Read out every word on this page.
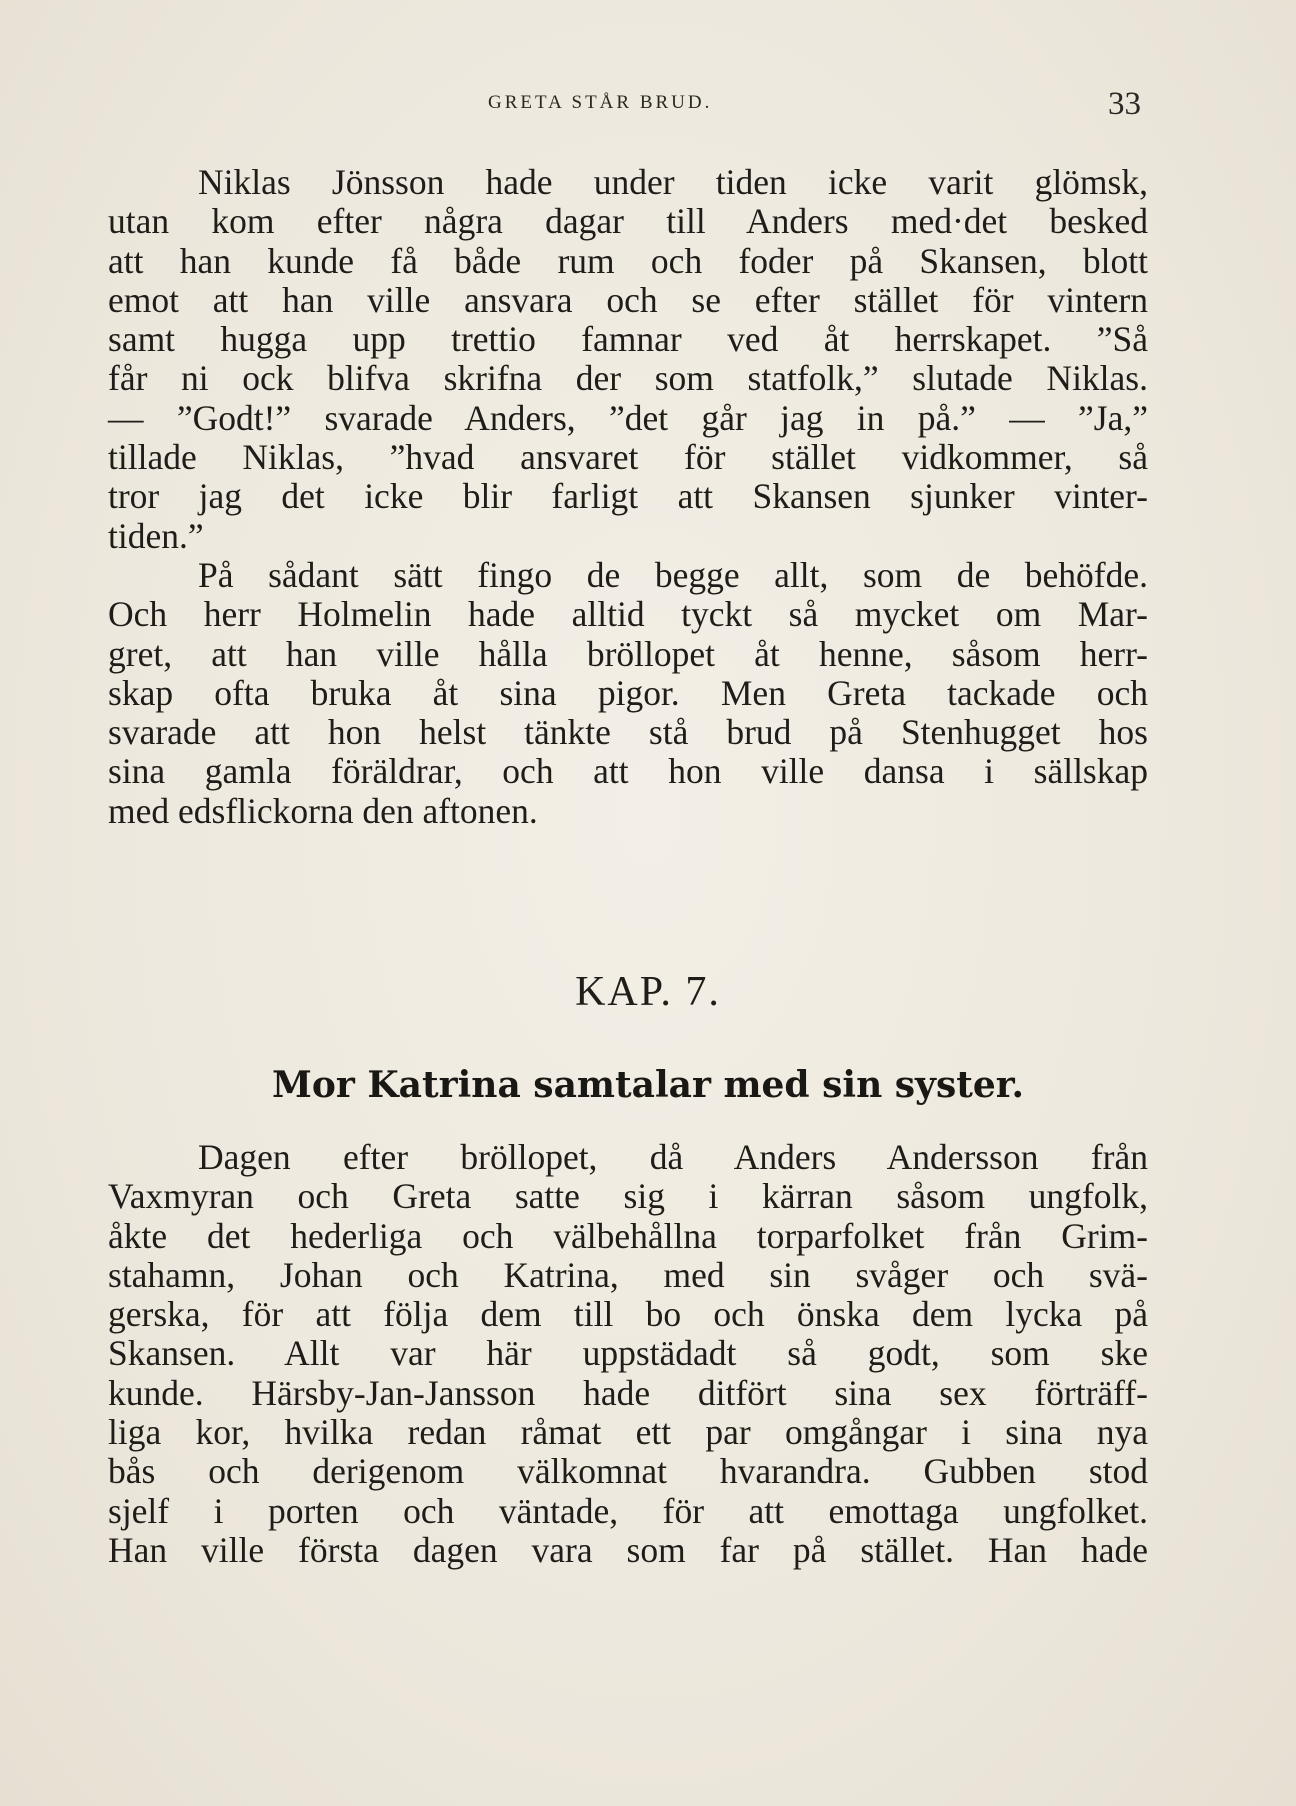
GRETA STÅR BRUD.	33
Niklas Jönsson hade under tiden icke varit glömsk,
utan kom efter några dagar till Anders med·det besked
att han kunde få både rum och foder på Skansen, blott
emot att han ville ansvara och se efter stället för vintern
samt hugga upp trettio famnar ved åt herrskapet. ”Så
får ni ock blifva skrifna der som statfolk,” slutade Niklas.
— ”Godt!” svarade Anders, ”det går jag in på.” — ”Ja,”
tillade Niklas, ”hvad ansvaret för stället vidkommer, så
tror jag det icke blir farligt att Skansen sjunker vinter-
tiden.”
På sådant sätt fingo de begge allt, som de behöfde.
Och herr Holmelin hade alltid tyckt så mycket om Mar-
gret, att han ville hålla bröllopet åt henne, såsom herr-
skap ofta bruka åt sina pigor. Men Greta tackade och
svarade att hon helst tänkte stå brud på Stenhugget hos
sina gamla föräldrar, och att hon ville dansa i sällskap
med edsflickorna den aftonen.
KAP. 7.
Mor Katrina samtalar med sin syster.
Dagen efter bröllopet, då Anders Andersson från
Vaxmyran och Greta satte sig i kärran såsom ungfolk,
åkte det hederliga och välbehållna torparfolket från Grim-
stahamn, Johan och Katrina, med sin svåger och svä-
gerska, för att följa dem till bo och önska dem lycka på
Skansen. Allt var här uppstädadt så godt, som ske
kunde. Härsby-Jan-Jansson hade ditfört sina sex förträff-
liga kor, hvilka redan råmat ett par omgångar i sina nya
bås och derigenom välkomnat hvarandra. Gubben stod
sjelf i porten och väntade, för att emottaga ungfolket.
Han ville första dagen vara som far på stället. Han hade
